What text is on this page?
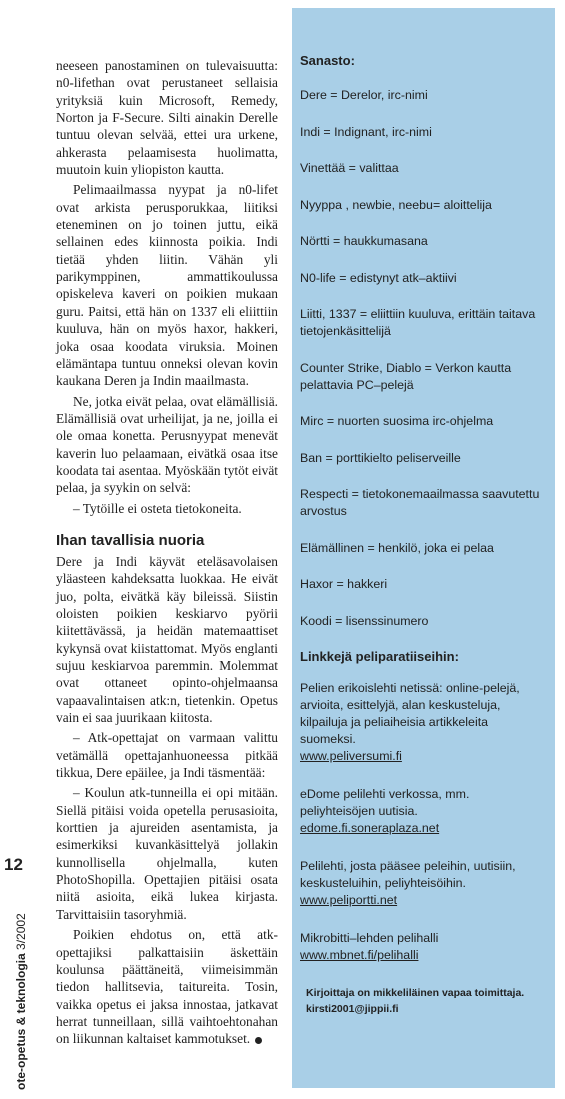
12
ote-opetus & teknologia 3/2002

neeseen panostaminen on tulevaisuutta: n0-lifethan ovat perustaneet sellaisia yrityksiä kuin Microsoft, Remedy, Norton ja F-Secure. Silti ainakin Derelle tuntuu olevan selvää, ettei ura urkene, ahkerasta pelaamisesta huolimatta, muutoin kuin yliopiston kautta.

Pelimaailmassa nyypat ja n0-lifet ovat arkista perusporukkaa, liitiksi eteneminen on jo toinen juttu, eikä sellainen edes kiinnosta poikia. Indi tietää yhden liitin. Vähän yli parikymppinen, ammattikoulussa opiskeleva kaveri on poikien mukaan guru. Paitsi, että hän on 1337 eli eliittiin kuuluva, hän on myös haxor, hakkeri, joka osaa koodata viruksia. Moinen elämäntapa tuntuu onneksi olevan kovin kaukana Deren ja Indin maailmasta.

Ne, jotka eivät pelaa, ovat elämällisiä. Elämällisiä ovat urheilijat, ja ne, joilla ei ole omaa konetta. Perusnyypat menevät kaverin luo pelaamaan, eivätkä osaa itse koodata tai asentaa. Myöskään tytöt eivät pelaa, ja syykin on selvä:

– Tytöille ei osteta tietokoneita.

Ihan tavallisia nuoria

Dere ja Indi käyvät eteläsavolaisen yläasteen kahdeksatta luokkaa. He eivät juo, polta, eivätkä käy bileissä. Siistin oloisten poikien keskiarvo pyörii kiitettävässä, ja heidän matemaattiset kykynsä ovat kiistattomat. Myös englanti sujuu keskiarvoa paremmin. Molemmat ovat ottaneet opinto-ohjelmaansa vapaavalintaisen atk:n, tietenkin. Opetus vain ei saa juurikaan kiitosta.

– Atk-opettajat on varmaan valittu vetämällä opettajanhuoneessa pitkää tikkua, Dere epäilee, ja Indi täsmentää:

– Koulun atk-tunneilla ei opi mitään. Siellä pitäisi voida opetella perusasioita, korttien ja ajureiden asentamista, ja esimerkiksi kuvankäsittelyä jollakin kunnollisella ohjelmalla, kuten PhotoShopilla. Opettajien pitäisi osata niitä asioita, eikä lukea kirjasta. Tarvittaisiin tasoryhmiä.

Poikien ehdotus on, että atk-opettajiksi palkattaisiin äskettäin koulunsa päättäneitä, viimeisimmän tiedon hallitsevia, taitureita. Tosin, vaikka opetus ei jaksa innostaa, jatkavat herrat tunneillaan, sillä vaihtoehtonahan on liikunnan kaltaiset kammotukset.

Sanasto:
Dere = Derelor, irc-nimi
Indi = Indignant, irc-nimi
Vinettää = valittaa
Nyyppa , newbie, neebu= aloittelija
Nörtti = haukkumasana
N0-life = edistynyt atk–aktiivi
Liitti, 1337 = eliittiin kuuluva, erittäin taitava tietojenkäsittelijä
Counter Strike, Diablo = Verkon kautta pelattavia PC–pelejä
Mirc = nuorten suosima irc-ohjelma
Ban = porttikielto peliserveille
Respecti = tietokonemaailmassa saavutettu arvostus
Elämällinen = henkilö, joka ei pelaa
Haxor = hakkeri
Koodi = lisenssinumero
Linkkejä peliparatiiseihin:
Pelien erikoislehti netissä: online-pelejä, arvioita, esittelyjä, alan keskusteluja, kilpailuja ja peliaiheisia artikkeleita suomeksi.
www.peliversumi.fi
eDome pelilehti verkossa, mm. peliyhteisöjen uutisia.
edome.fi.soneraplaza.net
Pelilehti, josta pääsee peleihin, uutisiin, keskusteluihin, peliyhteisöihin.
www.peliportti.net
Mikrobitti–lehden pelihalli
www.mbnet.fi/pelihalli
Kirjoittaja on mikkeliläinen vapaa toimittaja.
kirsti2001@jippii.fi
